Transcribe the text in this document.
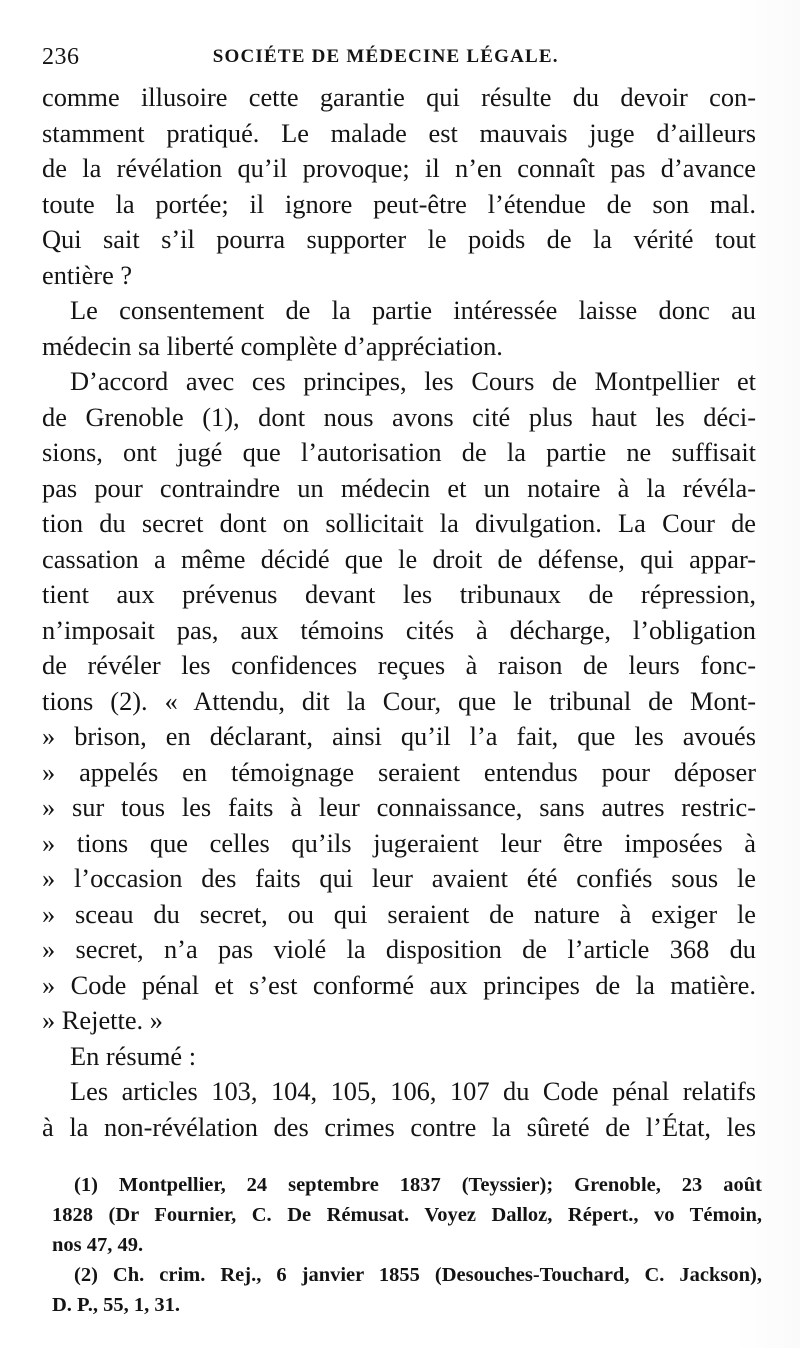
236	SOCIÉTE DE MÉDECINE LÉGALE.
comme illusoire cette garantie qui résulte du devoir con-
stamment pratiqué. Le malade est mauvais juge d’ailleurs
de la révélation qu’il provoque; il n’en connaît pas d’avance
toute la portée; il ignore peut-être l’étendue de son mal.
Qui sait s’il pourra supporter le poids de la vérité tout
entière ?
Le consentement de la partie intéressée laisse donc au
médecin sa liberté complète d’appréciation.
D’accord avec ces principes, les Cours de Montpellier et
de Grenoble (1), dont nous avons cité plus haut les déci-
sions, ont jugé que l’autorisation de la partie ne suffisait
pas pour contraindre un médecin et un notaire à la révéla-
tion du secret dont on sollicitait la divulgation. La Cour de
cassation a même décidé que le droit de défense, qui appar-
tient aux prévenus devant les tribunaux de répression,
n’imposait pas, aux témoins cités à décharge, l’obligation
de révéler les confidences reçues à raison de leurs fonc-
tions (2). « Attendu, dit la Cour, que le tribunal de Mont-
» brison, en déclarant, ainsi qu’il l’a fait, que les avoués
» appelés en témoignage seraient entendus pour déposer
» sur tous les faits à leur connaissance, sans autres restric-
» tions que celles qu’ils jugeraient leur être imposées à
» l’occasion des faits qui leur avaient été confiés sous le
» sceau du secret, ou qui seraient de nature à exiger le
» secret, n’a pas violé la disposition de l’article 368 du
» Code pénal et s’est conformé aux principes de la matière.
» Rejette. »
En résumé :
Les articles 103, 104, 105, 106, 107 du Code pénal relatifs
à la non-révélation des crimes contre la sûreté de l’État, les
(1) Montpellier, 24 septembre 1837 (Teyssier); Grenoble, 23 août
1828 (Dr Fournier, C. De Rémusat. Voyez Dalloz, Répert., vo Témoin,
nos 47, 49.
(2) Ch. crim. Rej., 6 janvier 1855 (Desouches-Touchard, C. Jackson),
D. P., 55, 1, 31.
